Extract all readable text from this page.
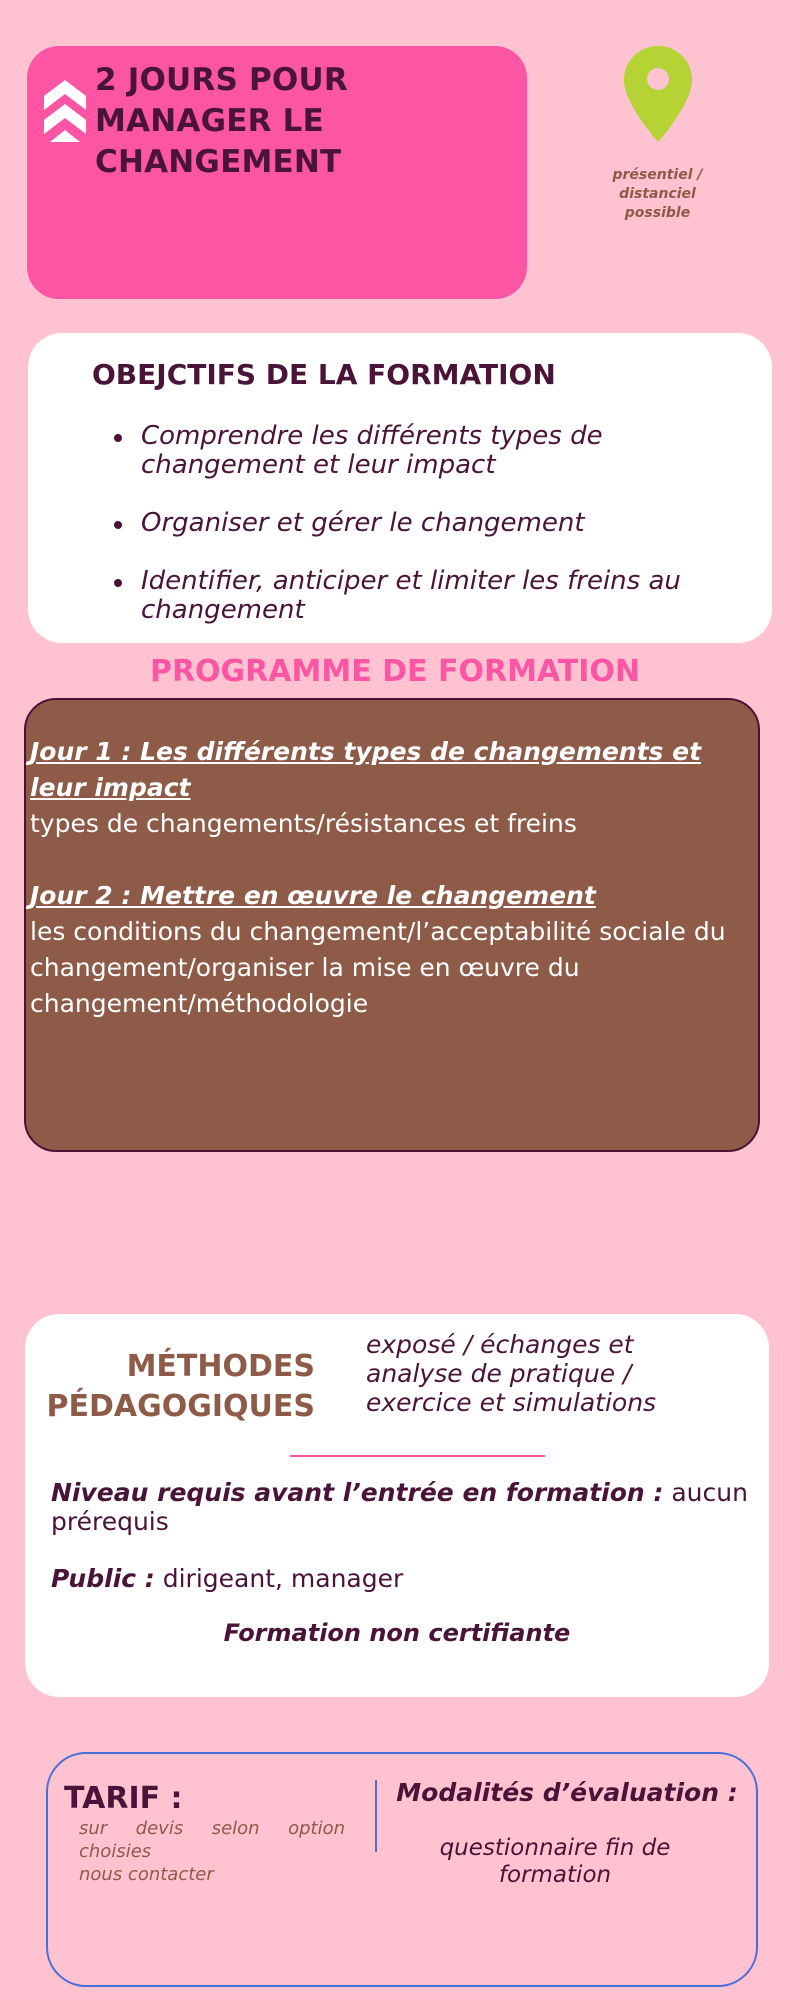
2 JOURS POUR
MANAGER LE
CHANGEMENT	présentiel /
distanciel
possible
OBEJCTIFS DE LA FORMATION
Comprendre les différents types de changement et leur impact
Organiser et gérer le changement
Identifier, anticiper et limiter les freins au changement
PROGRAMME DE FORMATION
Jour 1 : Les différents types de changements et leur impact
types de changements/résistances et freins
Jour 2 : Mettre en œuvre le changement
les conditions du changement/l’acceptabilité sociale du changement/organiser la mise en œuvre du changement/méthodologie
MÉTHODES
PÉDAGOGIQUES
exposé / échanges et analyse de pratique / exercice et simulations
Niveau requis avant l’entrée en formation : aucun prérequis
Public : dirigeant, manager
Formation non certifiante
TARIF :
sur devis selon option choisies
nous contacter
Modalités d’évaluation :
questionnaire fin de formation
